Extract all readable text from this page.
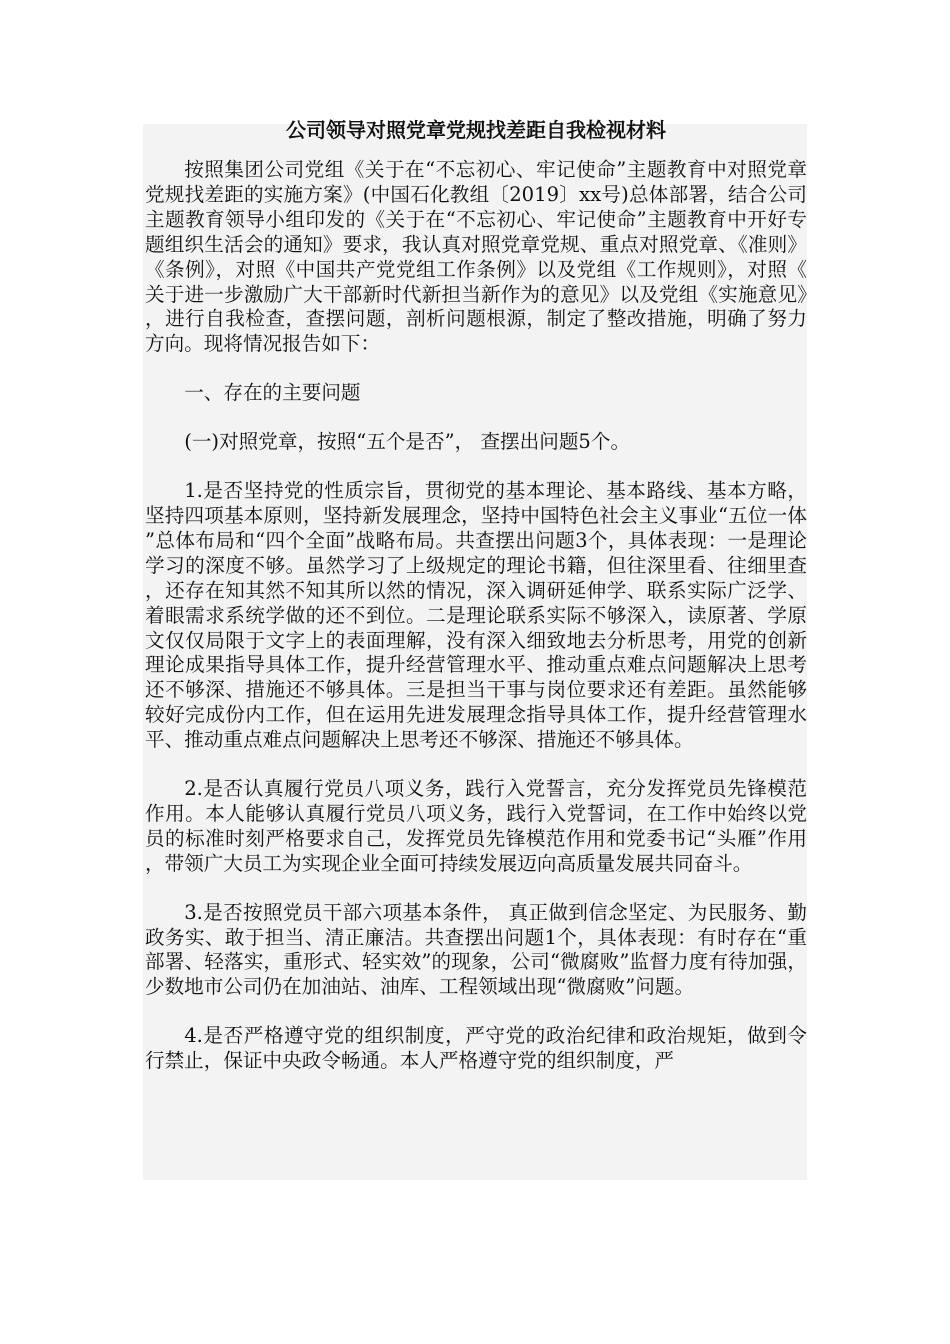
公司领导对照党章党规找差距自我检视材料

按照集团公司党组《关于在“不忘初心、牢记使命”主题教育中对照党章党规找差距的实施方案》(中国石化教组〔2019〕xx号)总体部署，结合公司主题教育领导小组印发的《关于在“不忘初心、牢记使命”主题教育中开好专题组织生活会的通知》要求，我认真对照党章党规、重点对照党章、《准则》《条例》，对照《中国共产党党组工作条例》以及党组《工作规则》，对照《关于进一步激励广大干部新时代新担当新作为的意见》以及党组《实施意见》，进行自我检查，查摆问题，剖析问题根源，制定了整改措施，明确了努力方向。现将情况报告如下：

一、存在的主要问题

(一)对照党章，按照“五个是否”， 查摆出问题5个。

1.是否坚持党的性质宗旨，贯彻党的基本理论、基本路线、基本方略，坚持四项基本原则，坚持新发展理念，坚持中国特色社会主义事业“五位一体”总体布局和“四个全面”战略布局。共查摆出问题3个，具体表现：一是理论学习的深度不够。虽然学习了上级规定的理论书籍，但往深里看、往细里查，还存在知其然不知其所以然的情况，深入调研延伸学、联系实际广泛学、着眼需求系统学做的还不到位。二是理论联系实际不够深入，读原著、学原文仅仅局限于文字上的表面理解，没有深入细致地去分析思考，用党的创新理论成果指导具体工作，提升经营管理水平、推动重点难点问题解决上思考还不够深、措施还不够具体。三是担当干事与岗位要求还有差距。虽然能够较好完成份内工作，但在运用先进发展理念指导具体工作，提升经营管理水平、推动重点难点问题解决上思考还不够深、措施还不够具体。

2.是否认真履行党员八项义务，践行入党誓言，充分发挥党员先锋模范作用。本人能够认真履行党员八项义务，践行入党誓词，在工作中始终以党员的标准时刻严格要求自己，发挥党员先锋模范作用和党委书记“头雁”作用，带领广大员工为实现企业全面可持续发展迈向高质量发展共同奋斗。

3.是否按照党员干部六项基本条件， 真正做到信念坚定、为民服务、勤政务实、敢于担当、清正廉洁。共查摆出问题1个，具体表现：有时存在“重部署、轻落实，重形式、轻实效”的现象，公司“微腐败”监督力度有待加强，少数地市公司仍在加油站、油库、工程领域出现“微腐败”问题。

4.是否严格遵守党的组织制度，严守党的政治纪律和政治规矩，做到令行禁止，保证中央政令畅通。本人严格遵守党的组织制度，严
